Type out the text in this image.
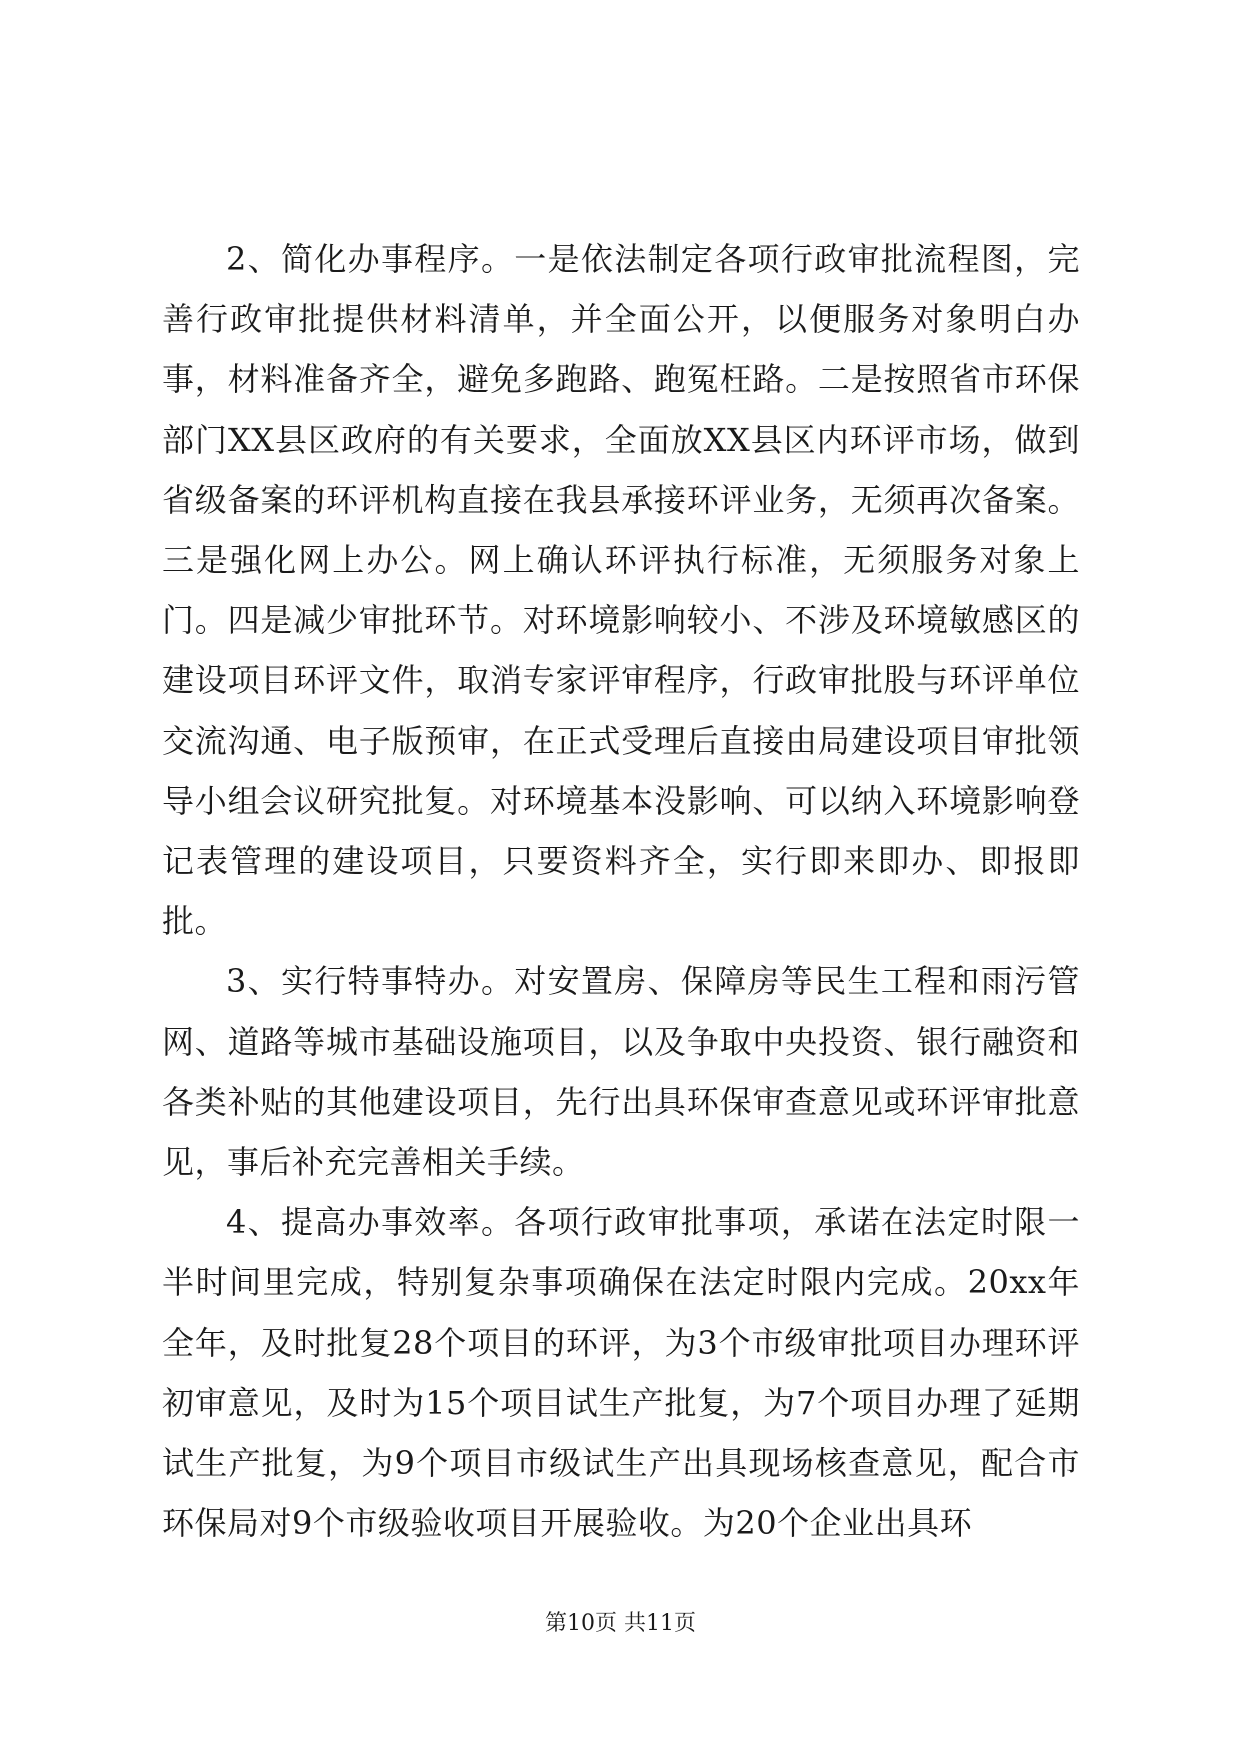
2、简化办事程序。一是依法制定各项行政审批流程图，完善行政审批提供材料清单，并全面公开，以便服务对象明白办事，材料准备齐全，避免多跑路、跑冤枉路。二是按照省市环保部门XX县区政府的有关要求，全面放XX县区内环评市场，做到省级备案的环评机构直接在我县承接环评业务，无须再次备案。三是强化网上办公。网上确认环评执行标准，无须服务对象上门。四是减少审批环节。对环境影响较小、不涉及环境敏感区的建设项目环评文件，取消专家评审程序，行政审批股与环评单位交流沟通、电子版预审，在正式受理后直接由局建设项目审批领导小组会议研究批复。对环境基本没影响、可以纳入环境影响登记表管理的建设项目，只要资料齐全，实行即来即办、即报即批。

3、实行特事特办。对安置房、保障房等民生工程和雨污管网、道路等城市基础设施项目，以及争取中央投资、银行融资和各类补贴的其他建设项目，先行出具环保审查意见或环评审批意见，事后补充完善相关手续。

4、提高办事效率。各项行政审批事项，承诺在法定时限一半时间里完成，特别复杂事项确保在法定时限内完成。20xx年全年，及时批复28个项目的环评，为3个市级审批项目办理环评初审意见，及时为15个项目试生产批复，为7个项目办理了延期试生产批复，为9个项目市级试生产出具现场核查意见，配合市环保局对9个市级验收项目开展验收。为20个企业出具环

第10页 共11页
